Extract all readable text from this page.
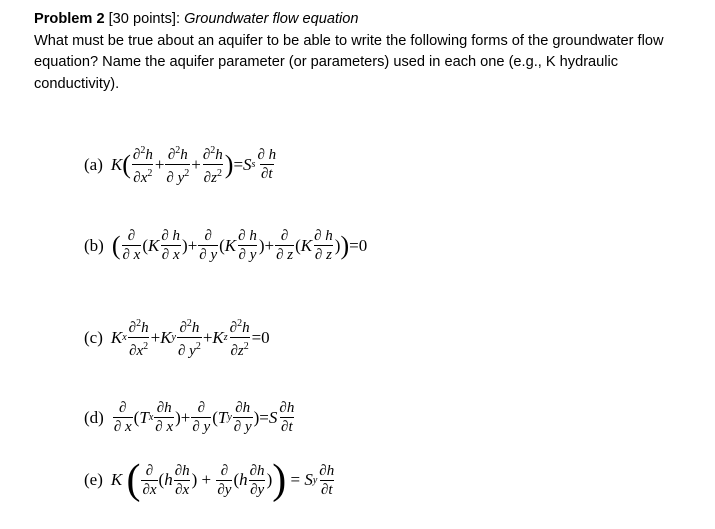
Problem 2 [30 points]: Groundwater flow equation
What must be true about an aquifer to be able to write the following forms of the groundwater flow equation? Name the aquifer parameter (or parameters) used in each one (e.g., K hydraulic conductivity).
(a) K ( $\frac{\partial^2h}{\partial x^2} + \frac{\partial^2h}{\partial y^2} + \frac{\partial^2h}{\partial z^2}$ ) = S s $\frac{\partial h}{\partial t}$
(b) ( $\frac{\partial}{\partial x}$ ( K $\frac{\partial h}{\partial x}$ )+ $\frac{\partial}{\partial y}$ ( K $\frac{\partial h}{\partial y}$ )+ $\frac{\partial}{\partial z}$ ( K $\frac{\partial h}{\partial z}$ ) ) =0
(c) K x $\frac{\partial^2h}{\partial x^2} + K$ y $\frac{\partial^2h}{\partial y^2} + K$ z $\frac{\partial^2h}{\partial z^2} =0$
$(d) \frac{\partial}{\partial x}$ ( T x $\frac{\partial h}{\partial x}$ )+ $\frac{\partial}{\partial y}$ ( T y $\frac{\partial h}{\partial y}$ )= S $\frac{\partial h}{\partial t}$
(e) K
( $\frac{\partial}{\partial x}$ ( h $\frac{\partial h}{\partial x}$ ) + $\frac{\partial}{\partial y}$ ( h $\frac{\partial h}{\partial y}$ ) ) = S y $\frac{\partial h}{\partial t}$
